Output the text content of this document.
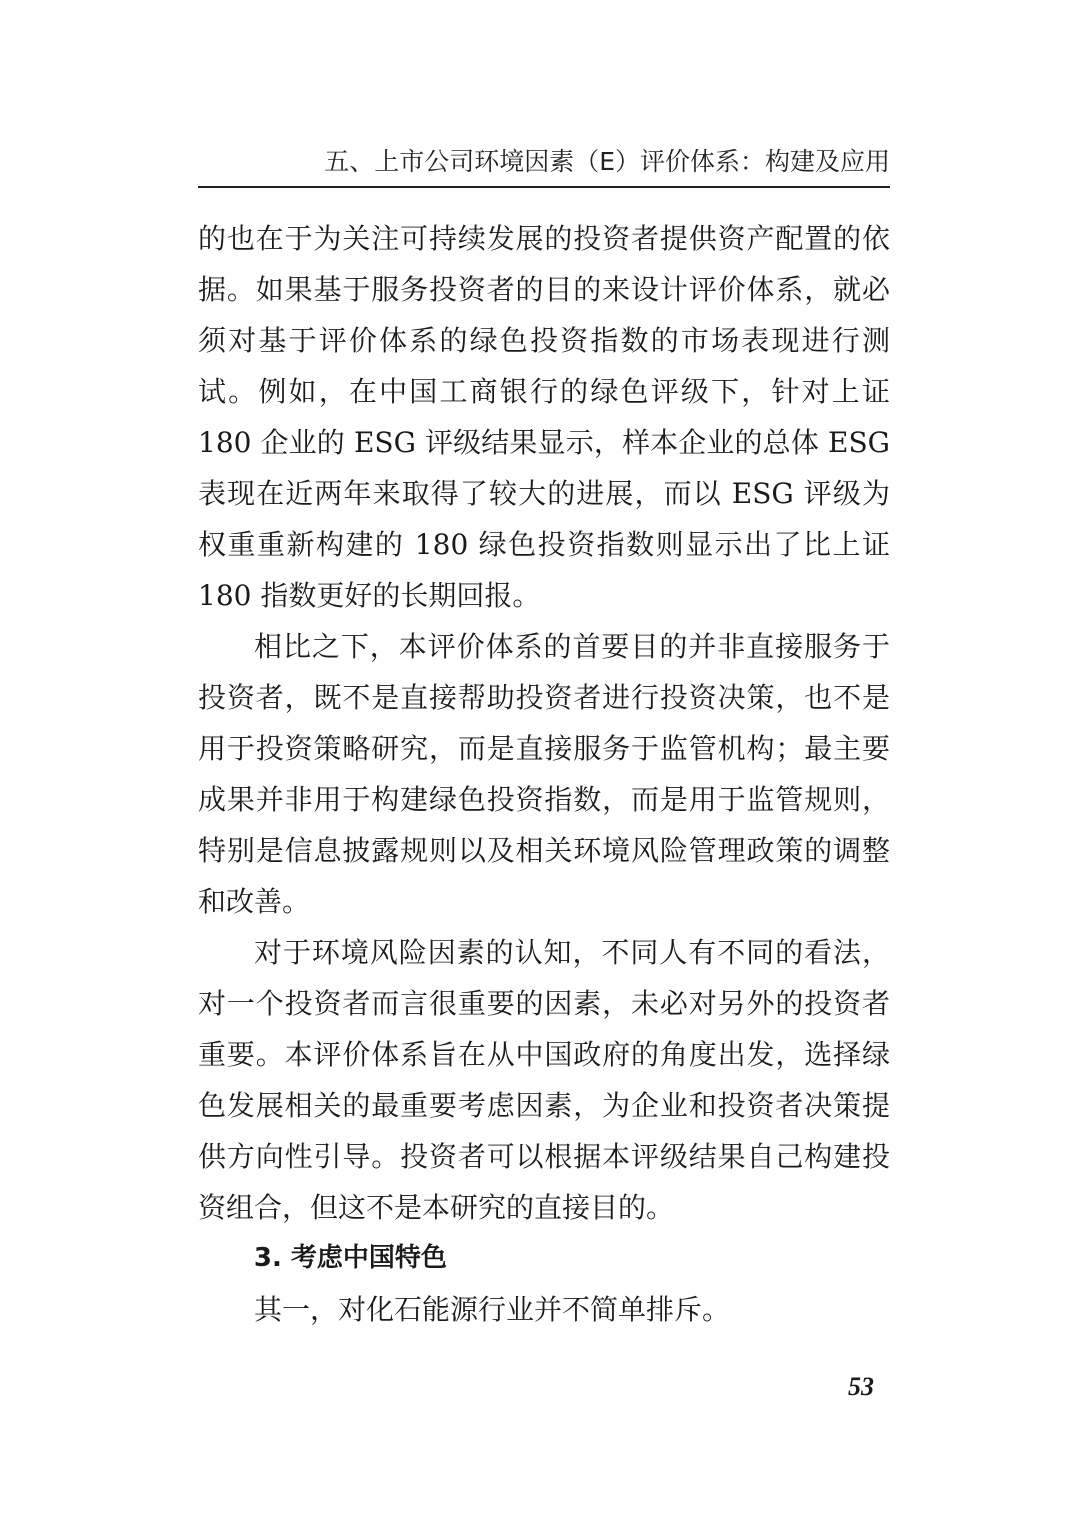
五、上市公司环境因素（E）评价体系：构建及应用

的也在于为关注可持续发展的投资者提供资产配置的依据。如果基于服务投资者的目的来设计评价体系，就必须对基于评价体系的绿色投资指数的市场表现进行测试。例如，在中国工商银行的绿色评级下，针对上证 180 企业的 ESG 评级结果显示，样本企业的总体 ESG 表现在近两年来取得了较大的进展，而以 ESG 评级为权重重新构建的 180 绿色投资指数则显示出了比上证 180 指数更好的长期回报。

相比之下，本评价体系的首要目的并非直接服务于投资者，既不是直接帮助投资者进行投资决策，也不是用于投资策略研究，而是直接服务于监管机构；最主要成果并非用于构建绿色投资指数，而是用于监管规则，特别是信息披露规则以及相关环境风险管理政策的调整和改善。

对于环境风险因素的认知，不同人有不同的看法，对一个投资者而言很重要的因素，未必对另外的投资者重要。本评价体系旨在从中国政府的角度出发，选择绿色发展相关的最重要考虑因素，为企业和投资者决策提供方向性引导。投资者可以根据本评级结果自己构建投资组合，但这不是本研究的直接目的。

3. 考虑中国特色

其一，对化石能源行业并不简单排斥。

53
